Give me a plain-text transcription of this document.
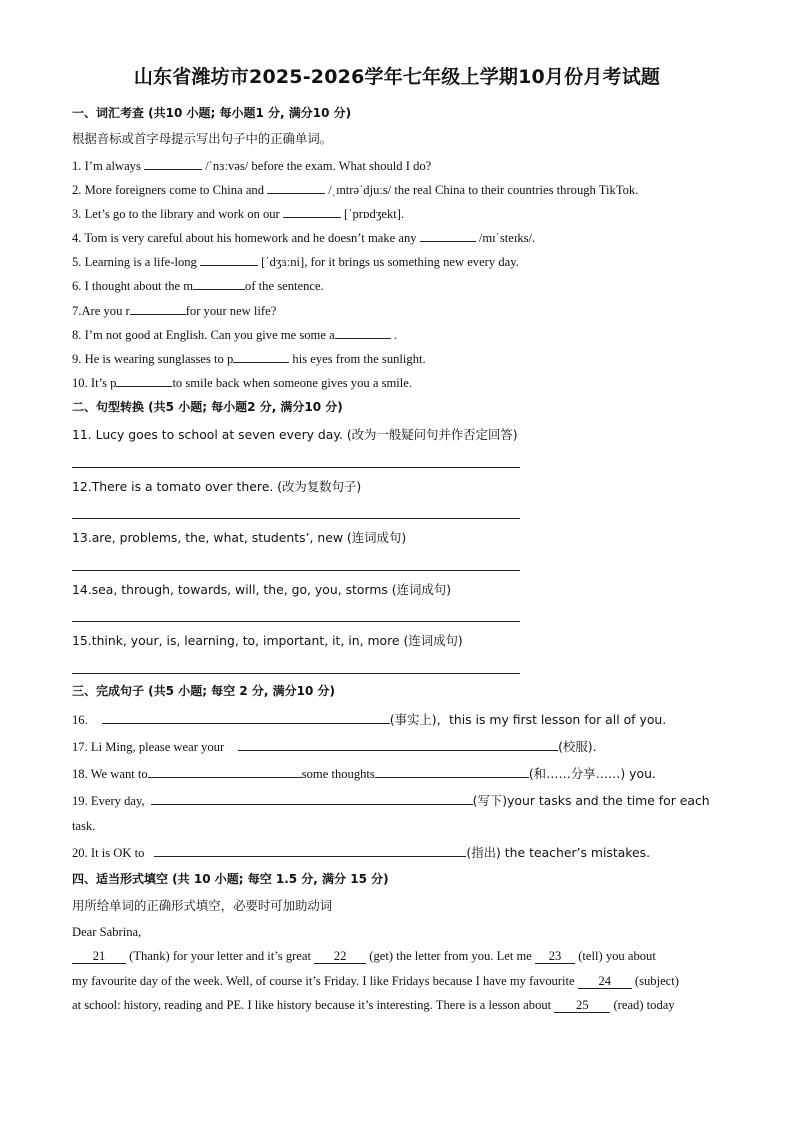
山东省潍坊市2025-2026学年七年级上学期10月份月考试题
一、词汇考查 (共10 小题; 每小题1 分, 满分10 分)
根据音标或首字母提示写出句子中的正确单词。
1. I’m always	/ˈnɜːvəs/ before the exam. What should I do?
2. More foreigners come to China and	/ˌɪntrəˈdjuːs/ the real China to their countries through TikTok.
3. Let’s go to the library and work on our	[ˈprɒdʒekt].
4. Tom is very careful about his homework and he doesn’t make any	/mɪˈsteɪks/.
5. Learning is a life-long	[ˈdʒɜːni], for it brings us something new every day.
6. I thought about the m	of the sentence.
7.Are you r	for your new life?
8. I’m not good at English. Can you give me some a	.
9. He is wearing sunglasses to p	his eyes from the sunlight.
10. It’s p	to smile back when someone gives you a smile.
二、句型转换 (共5 小题; 每小题2 分, 满分10 分)
11. Lucy goes to school at seven every day. (改为一般疑问句并作否定回答)
12.There is a tomato over there. (改为复数句子)
13.are, problems, the, what, students’, new (连词成句)
14.sea, through, towards, will, the, go, you, storms (连词成句)
15.think, your, is, learning, to, important, it, in, more (连词成句)
三、完成句子 (共5 小题; 每空 2 分, 满分10 分)
16.	(事实上)，this is my first lesson for all of you.
17. Li Ming, please wear your	(校服).
18. We want to	some thoughts	(和……分享……) you.
19. Every day,	(写下)your tasks and the time for each
task.
20. It is OK to	(指出) the teacher’s mistakes.
四、适当形式填空 (共 10 小题; 每空 1.5 分, 满分 15 分)
用所给单词的正确形式填空，必要时可加助动词
Dear Sabrina,
21 (Thank) for your letter and it’s great 22 (get) the letter from you. Let me 23 (tell) you about
my favourite day of the week. Well, of course it’s Friday. I like Fridays because I have my favourite 24 (subject)
at school: history, reading and PE. I like history because it’s interesting. There is a lesson about 25 (read) today
